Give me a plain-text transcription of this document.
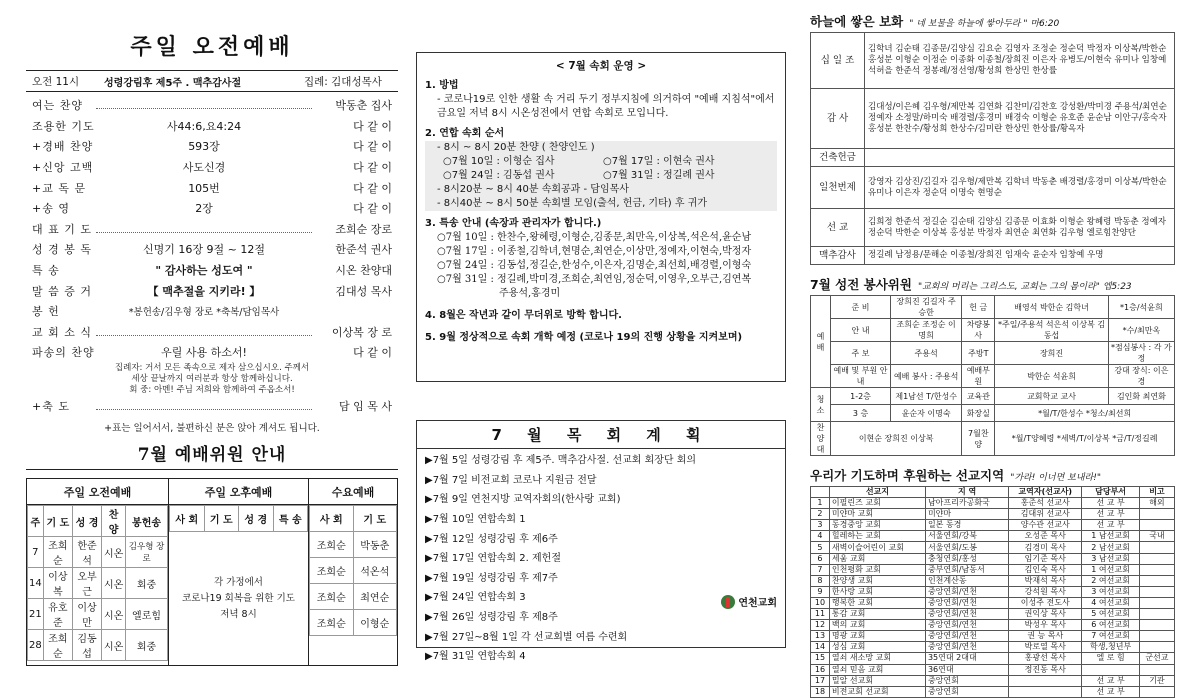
주일 오전예배
오전 11시	성령강림후 제5주 . 맥추감사절	집례: 김대성목사
여는 찬양	박동춘 집사
조용한 기도	사44:6,요4:24	다 같 이
+경배 찬양	593장	다 같 이
+신앙 고백	사도신경	다 같 이
+교 독 문	105번	다 같 이
+송 영	2장	다 같 이
대 표 기 도	조희순 장로
성 경 봉 독	신명기 16장 9절 ~ 12절	한준석 권사
특 송	" 감사하는 성도여 "	시온 찬양대
말 씀 증 거	【 맥추절을 지키라! 】	김대성 목사
봉 헌	*봉헌송/김우형 장로 *축복/담임목사
교 회 소 식	이상복 장 로
파송의 찬양	우릴 사용 하소서!	다 같 이
집례자: 거서 모든 족속으로 제자 삼으십시오. 주께서
세상 끝날까지 여러분과 항상 함께하십니다.
회 중: 아멘! 주님 저희와 함께하여 주옵소서!
+축 도	담 임 목 사
+표는 일어서서, 불편하신 분은 앉아 계셔도 됩니다.
7월 예배위원 안내
주일 오전예배
주	기 도	성 경	찬 양	봉헌송
7	조희순	한준석	시온	김우형 장로
14	이상복	오부근	시온	회중
21	유호준	이상만	시온	엘로힘
28	조희순	김동섭	시온	회중
주일 오후예배
사 회	기 도	성 경	특 송
각 가정에서
코로나19 회복을 위한 기도
저녁 8시
수요예배
사 회	기 도
조희순	박동춘
조희순	석온석
조희순	최연순
조희순	이형순
< 7월 속회 운영 >
1. 방법
- 코로나19로 인한 생활 속 거리 두기 정부지침에 의거하여 "예배 지침석"에서 금요일 저녁 8시 시온성전에서 연합 속회로 모입니다.
2. 연합 속회 순서
- 8시 ~ 8시 20분 찬양 ( 찬양인도 )
○7월 10일 : 이형순 집사	○7월 17일 : 이현숙 권사
○7월 24일 : 김동섭 권사	○7월 31일 : 정길례 권사
- 8시20분 ~ 8시 40분 속회공과 - 담임목사
- 8시40분 ~ 8시 50분 속회별 모임(출석, 헌금, 기타) 후 귀가
3. 특송 안내 (속장과 관리자가 합니다.)
○7월 10일 : 한찬수,왕혜령,이형순,김종문,최만옥,이상복,석은석,윤순남
○7월 17일 : 이종철,김학녀,현명순,최연순,이상만,정예자,이현숙,박정자
○7월 24일 : 김동섭,정길순,한성수,이은자,김명순,최선희,배경렬,이형숙
○7월 31일 : 정길례,박미경,조희순,최연임,정순덕,이영우,오부근,김연복
주용석,홍경미
4. 8월은 작년과 같이 무더위로 방학 합니다.
5. 9월 정상적으로 속회 개학 예정 (코로나 19의 진행 상황을 지켜보며)
7 월 목 회 계 획
▶7월 5일 성령강림 후 제5주. 맥추감사절. 선교회 회장단 회의
▶7월 7일 비전교회 코로나 지원금 전달
▶7월 9일 연천지방 교역자회의(한사랑 교회)
▶7월 10일 연합속회 1
▶7월 12일 성령강림 후 제6주
▶7월 17일 연합속회 2. 제헌절
▶7월 19일 성령강림 후 제7주
▶7월 24일 연합속회 3
▶7월 26일 성령강림 후 제8주
▶7월 27일~8월 1일 각 선교회별 여름 수련회
▶7월 31일 연합속회 4
연천교회
하늘에 쌓은 보화 " 네 보물을 하늘에 쌓아두라 " 마6:20
십 일 조	김학녀 김순태 김종문/김양심 김요순 김영자 조정순 정순덕 박정자 이상복/박한순 홍성분 이형순 이정순 이종화 이종철/장희진 이은자 유병도/이현숙 유미나 임창예 석허을 한준석 정봉례/정선영/황성희 한상민 한상률
감 사	김대성/이은혜 김우형/제만복 김연화 김찬미/김찬호 강성환/박미경 주용석/최연순 정예자 소정말/하미숙 배경렬/홍경미 배경숙 이형순 유호준 윤순남 이안구/홍숙자 홍성분 한찬수/황성희 한상수/김미란 한상민 한상률/황옥자
건축헌금	
일천번제	강영자 김상진/김길자 김우형/제만복 김학녀 박동춘 배경렬/홍경미 이상복/박한순 유미나 이은자 정순덕 이명숙 현명순
선 교	김희정 한준석 정길순 김순태 김양심 김종문 이효화 이형순 왕혜령 박동춘 정예자 정순덕 박한순 이상복 홍성분 박정자 최연순 최연화 김우형 엘로힘찬양단
맥추감사	정길례 남정용/문해순 이종철/장희진 임재숙 윤순자 임창예 우명
7월 성전 봉사위원 "교회의 머리는 그리스도, 교회는 그의 몸이라" 엡5:23
예 배	준 비	장희진 김길자 주승한	헌 금	배영석 박한순 김학녀	*1층/석윤희
	안 내	조희순 조정순 이명희	차량봉사	*주일/주용석 석은석 이상복 김동섭	*수/최만옥
	주 보	주용석	주방T	장희진	*점심봉사 : 각 가정
	예배 및 부원 안내	예배 봉사 : 주용석	예배부원	박한순 석윤희	강대 장식: 이은경
청 소	1-2층	제1남선 T/한성수	교육관	교회학교 교사	김인화 최연화
	3 층	윤순자 이명숙	화장실	*월/T/한성수 *청소/최선희	
찬양대	이현순 장희진 이상복		7월찬양	*월/T양혜령 *세벽/T/이상복 *금/T/정길례	
우리가 기도하며 후원하는 선교지역 "가라! 이너면 보내라!"
	선교지	지 역	교역자(선교사)	담당부서	비고
1	이필린즈 교회	남아프리카공화국	홍준석 선교사	선 교 부	해외
2	미얀마 교회	미얀마	김대위 선교사	선 교 부	
3	동경중앙 교회	일본 동경	양수관 선교사	선 교 부	
4	힐레하는 교회	서울연회/강북	오성준 목사	1 남선교회	국내
5	새벽이슬어린이 교회	서울연회/도봉	김경미 목사	2 남선교회	
6	세움 교회	충청연회/홍성	임기준 목사	3 남선교회	
7	인천평화 교회	중부연회/남동서	김인숙 목사	1 여선교회	
8	찬양생 교회	인천계산동	박재석 목사	2 여선교회	
9	한사랑 교회	중앙연회/연천	강석원 목사	3 여선교회	
10	행복한 교회	중앙연회/연천	이성주 전도사	4 여선교회	
11	통감 교회	중앙연회/연천	권익상 목사	5 여선교회	
12	백의 교회	중앙연회/연천	박성우 목사	6 여선교회	
13	명광 교회	중앙연회/연천	권 능 목사	7 여선교회	
14	성심 교회	중앙연회/연천	박로열 목사	학생,청년부	
15	열쇠 새소망 교회	35연대 2대대	홍광선 목사	엘 로 힘	군선교
16	열쇠 믿음 교회	36연대	정진동 목사		
17	밀알 선교회	중앙연회		선 교 부	기관
18	비전교회 선교회	중앙연회		선 교 부	
